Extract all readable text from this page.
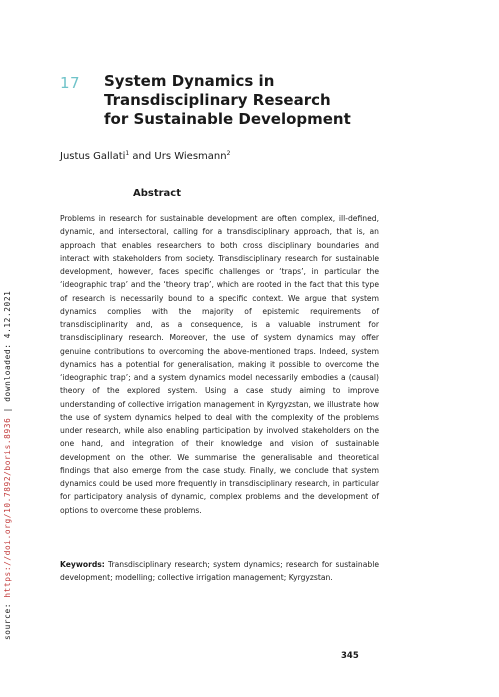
17 System Dynamics in
Transdisciplinary Research
for Sustainable Development
Justus Gallati$^1$ and Urs Wiesmann$^2$
Abstract

Problems in research for sustainable development are often complex, ill-defined, dynamic, and intersectoral, calling for a transdisciplinary approach, that is, an approach that enables researchers to both cross disciplinary boundaries and interact with stakeholders from society. Transdisciplinary research for sustainable development, however, faces specific challenges or ‘traps’, in particular the ‘ideographic trap’ and the ‘theory trap’, which are rooted in the fact that this type of research is necessarily bound to a specific context. We argue that system dynamics complies with the majority of epistemic requirements of transdisciplinarity and, as a consequence, is a valuable instrument for transdisciplinary research. Moreover, the use of system dynamics may offer genuine contributions to overcoming the above-mentioned traps. Indeed, system dynamics has a potential for generalisation, making it possible to overcome the ‘ideographic trap’; and a system dynamics model necessarily embodies a (causal) theory of the explored system. Using a case study aiming to improve understanding of collective irrigation management in Kyrgyzstan, we illustrate how the use of system dynamics helped to deal with the complexity of the problems under research, while also enabling participation by involved stakeholders on the one hand, and integration of their knowledge and vision of sustainable development on the other. We summarise the generalisable and theoretical findings that also emerge from the case study. Finally, we conclude that system dynamics could be used more frequently in transdisciplinary research, in particular for participatory analysis of dynamic, complex problems and the development of options to overcome these problems.

Keywords: Transdisciplinary research; system dynamics; research for sustainable development; modelling; collective irrigation management; Kyrgyzstan.

345
source: https://doi.org/10.7892/boris.8936 | downloaded: 4.12.2021
